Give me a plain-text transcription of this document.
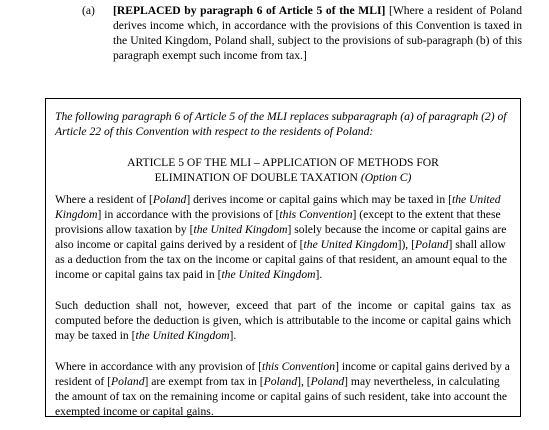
(a) [REPLACED by paragraph 6 of Article 5 of the MLI] [Where a resident of Poland derives income which, in accordance with the provisions of this Convention is taxed in the United Kingdom, Poland shall, subject to the provisions of sub-paragraph (b) of this paragraph exempt such income from tax.]

The following paragraph 6 of Article 5 of the MLI replaces subparagraph (a) of paragraph (2) of Article 22 of this Convention with respect to the residents of Poland:

ARTICLE 5 OF THE MLI – APPLICATION OF METHODS FOR
ELIMINATION OF DOUBLE TAXATION (Option C)

Where a resident of [Poland] derives income or capital gains which may be taxed in [the United Kingdom] in accordance with the provisions of [this Convention] (except to the extent that these provisions allow taxation by [the United Kingdom] solely because the income or capital gains are also income or capital gains derived by a resident of [the United Kingdom]), [Poland] shall allow as a deduction from the tax on the income or capital gains of that resident, an amount equal to the income or capital gains tax paid in [the United Kingdom].

Such deduction shall not, however, exceed that part of the income or capital gains tax as computed before the deduction is given, which is attributable to the income or capital gains which may be taxed in [the United Kingdom].

Where in accordance with any provision of [this Convention] income or capital gains derived by a resident of [Poland] are exempt from tax in [Poland], [Poland] may nevertheless, in calculating the amount of tax on the remaining income or capital gains of such resident, take into account the exempted income or capital gains.
